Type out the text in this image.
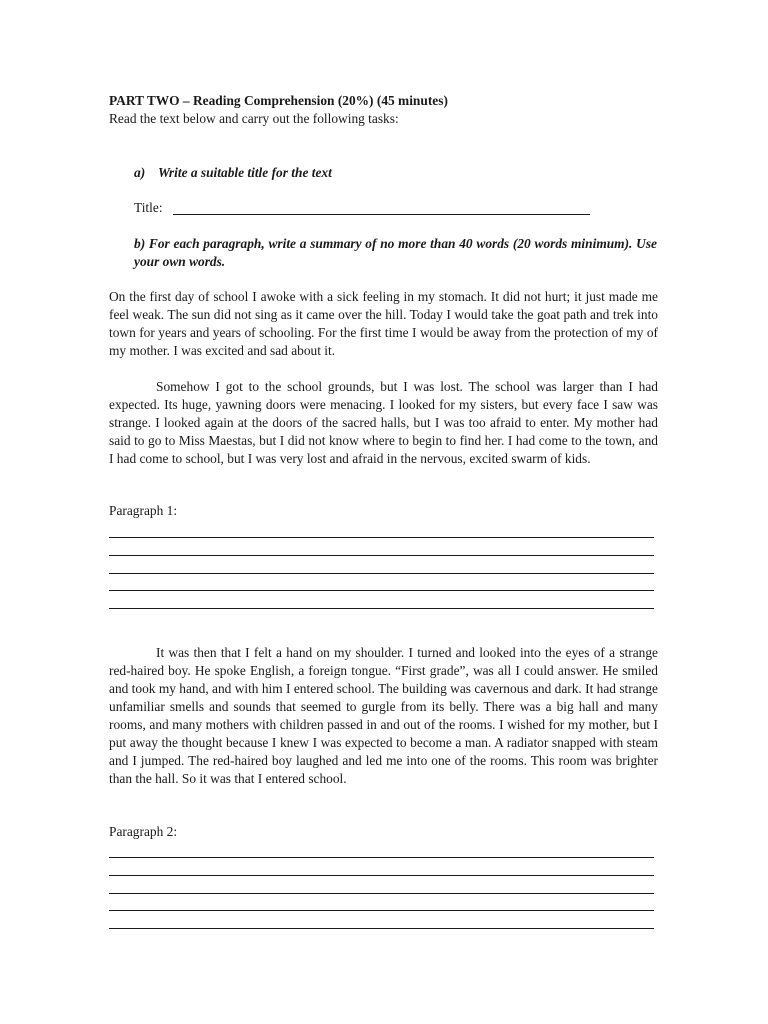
PART TWO – Reading Comprehension (20%) (45 minutes)
Read the text below and carry out the following tasks:
a) Write a suitable title for the text
Title:
b) For each paragraph, write a summary of no more than 40 words (20 words minimum). Use your own words.

On the first day of school I awoke with a sick feeling in my stomach. It did not hurt; it just made me feel weak. The sun did not sing as it came over the hill. Today I would take the goat path and trek into town for years and years of schooling. For the first time I would be away from the protection of my of my mother. I was excited and sad about it.

Somehow I got to the school grounds, but I was lost. The school was larger than I had expected. Its huge, yawning doors were menacing. I looked for my sisters, but every face I saw was strange. I looked again at the doors of the sacred halls, but I was too afraid to enter. My mother had said to go to Miss Maestas, but I did not know where to begin to find her. I had come to the town, and I had come to school, but I was very lost and afraid in the nervous, excited swarm of kids.

Paragraph 1:

It was then that I felt a hand on my shoulder. I turned and looked into the eyes of a strange red-haired boy. He spoke English, a foreign tongue. “First grade”, was all I could answer. He smiled and took my hand, and with him I entered school. The building was cavernous and dark. It had strange unfamiliar smells and sounds that seemed to gurgle from its belly. There was a big hall and many rooms, and many mothers with children passed in and out of the rooms. I wished for my mother, but I put away the thought because I knew I was expected to become a man. A radiator snapped with steam and I jumped. The red-haired boy laughed and led me into one of the rooms. This room was brighter than the hall. So it was that I entered school.

Paragraph 2:
